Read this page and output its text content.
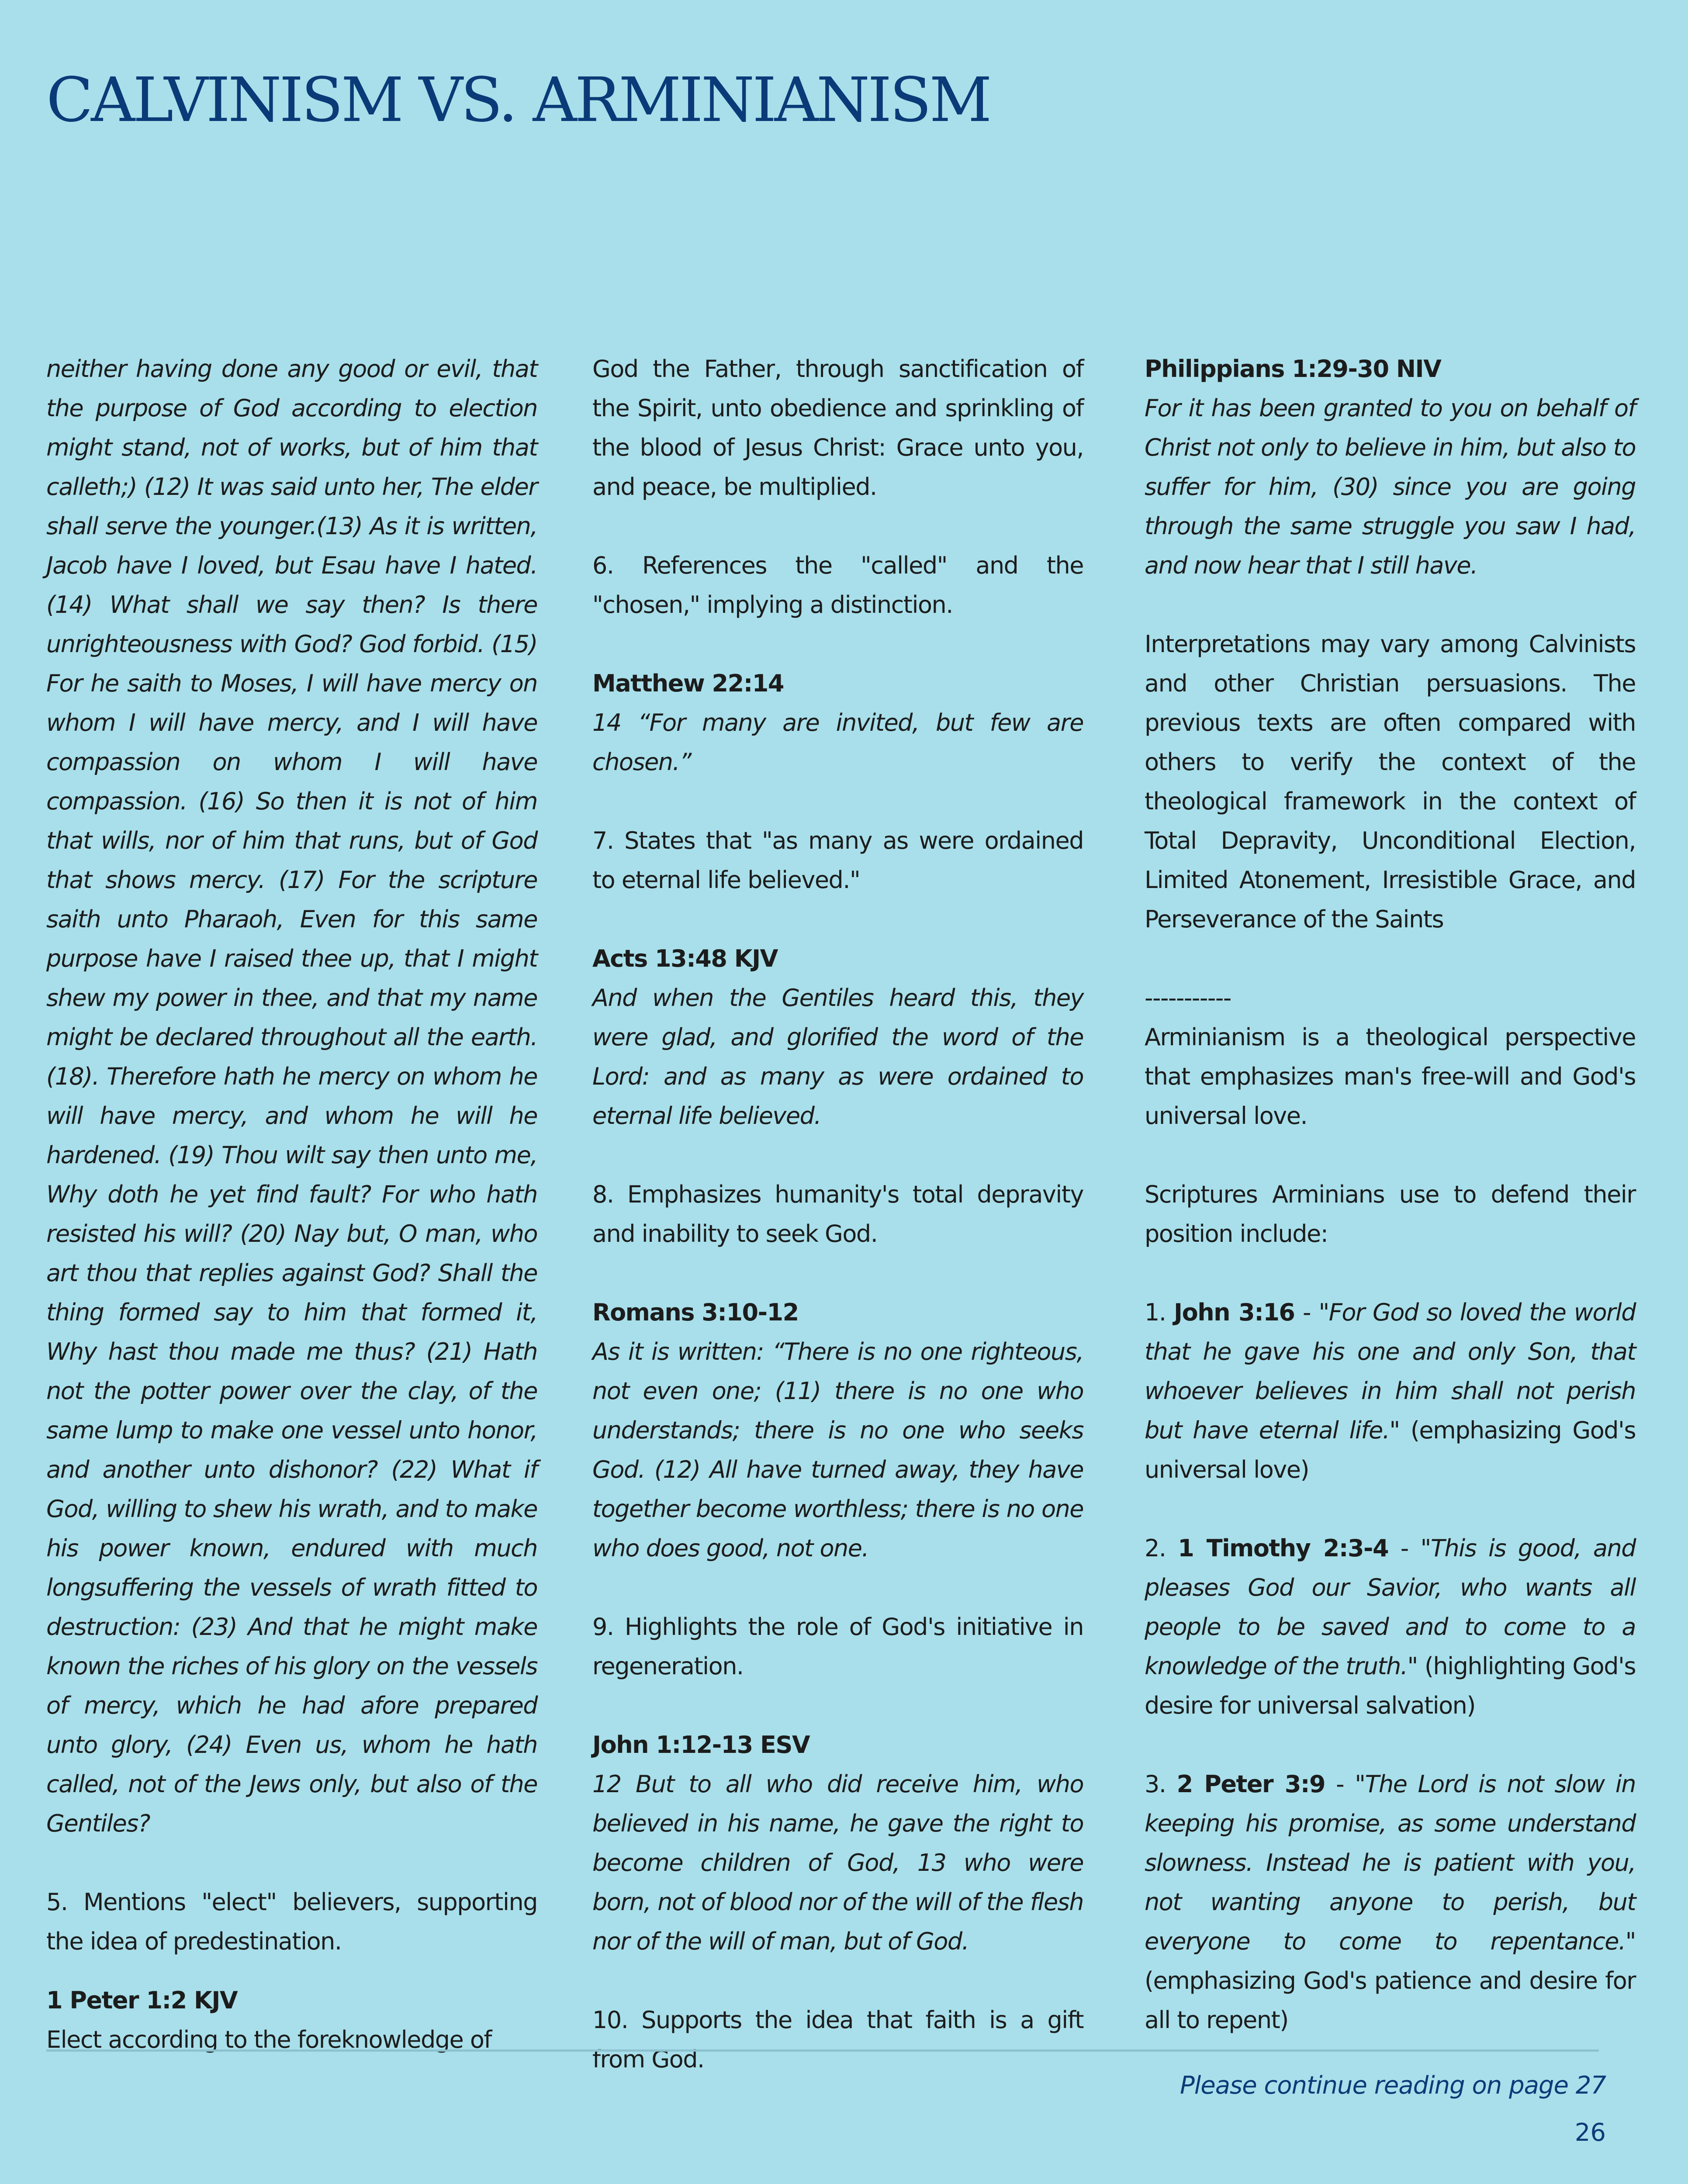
CALVINISM VS. ARMINIANISM

neither having done any good or evil, that the purpose of God according to election might stand, not of works, but of him that calleth;) (12) It was said unto her, The elder shall serve the younger.(13) As it is written, Jacob have I loved, but Esau have I hated. (14) What shall we say then? Is there unrighteousness with God? God forbid. (15) For he saith to Moses, I will have mercy on whom I will have mercy, and I will have compassion on whom I will have compassion. (16) So then it is not of him that wills, nor of him that runs, but of God that shows mercy. (17) For the scripture saith unto Pharaoh, Even for this same purpose have I raised thee up, that I might shew my power in thee, and that my name might be declared throughout all the earth. (18). Therefore hath he mercy on whom he will have mercy, and whom he will he hardened. (19) Thou wilt say then unto me, Why doth he yet find fault? For who hath resisted his will? (20) Nay but, O man, who art thou that replies against God? Shall the thing formed say to him that formed it, Why hast thou made me thus? (21) Hath not the potter power over the clay, of the same lump to make one vessel unto honor, and another unto dishonor? (22) What if God, willing to shew his wrath, and to make his power known, endured with much longsuffering the vessels of wrath fitted to destruction: (23) And that he might make known the riches of his glory on the vessels of mercy, which he had afore prepared unto glory, (24) Even us, whom he hath called, not of the Jews only, but also of the Gentiles?

5. Mentions "elect" believers, supporting the idea of predestination.

1 Peter 1:2 KJV
Elect according to the foreknowledge of

God the Father, through sanctification of the Spirit, unto obedience and sprinkling of the blood of Jesus Christ: Grace unto you, and peace, be multiplied.

6. References the "called" and the "chosen," implying a distinction.

Matthew 22:14
14 “For many are invited, but few are chosen.”

7. States that "as many as were ordained to eternal life believed."

Acts 13:48 KJV
And when the Gentiles heard this, they were glad, and glorified the word of the Lord: and as many as were ordained to eternal life believed.

8. Emphasizes humanity's total depravity and inability to seek God.

Romans 3:10-12
As it is written: “There is no one righteous, not even one; (11) there is no one who understands; there is no one who seeks God. (12) All have turned away, they have together become worthless; there is no one who does good, not one.

9. Highlights the role of God's initiative in regeneration.

John 1:12-13 ESV
12 But to all who did receive him, who believed in his name, he gave the right to become children of God, 13 who were born, not of blood nor of the will of the flesh nor of the will of man, but of God.

10. Supports the idea that faith is a gift from God.

Philippians 1:29-30 NIV
For it has been granted to you on behalf of Christ not only to believe in him, but also to suffer for him, (30) since you are going through the same struggle you saw I had, and now hear that I still have.

Interpretations may vary among Calvinists and other Christian persuasions. The previous texts are often compared with others to verify the context of the theological framework in the context of Total Depravity, Unconditional Election, Limited Atonement, Irresistible Grace, and Perseverance of the Saints

-----------

Arminianism is a theological perspective that emphasizes man's free-will and God's universal love.

Scriptures Arminians use to defend their position include:

1. John 3:16 - "For God so loved the world that he gave his one and only Son, that whoever believes in him shall not perish but have eternal life." (emphasizing God's universal love)

2. 1 Timothy 2:3-4 - "This is good, and pleases God our Savior, who wants all people to be saved and to come to a knowledge of the truth." (highlighting God's desire for universal salvation)

3. 2 Peter 3:9 - "The Lord is not slow in keeping his promise, as some understand slowness. Instead he is patient with you, not wanting anyone to perish, but everyone to come to repentance." (emphasizing God's patience and desire for all to repent)

Please continue reading on page 27
26
